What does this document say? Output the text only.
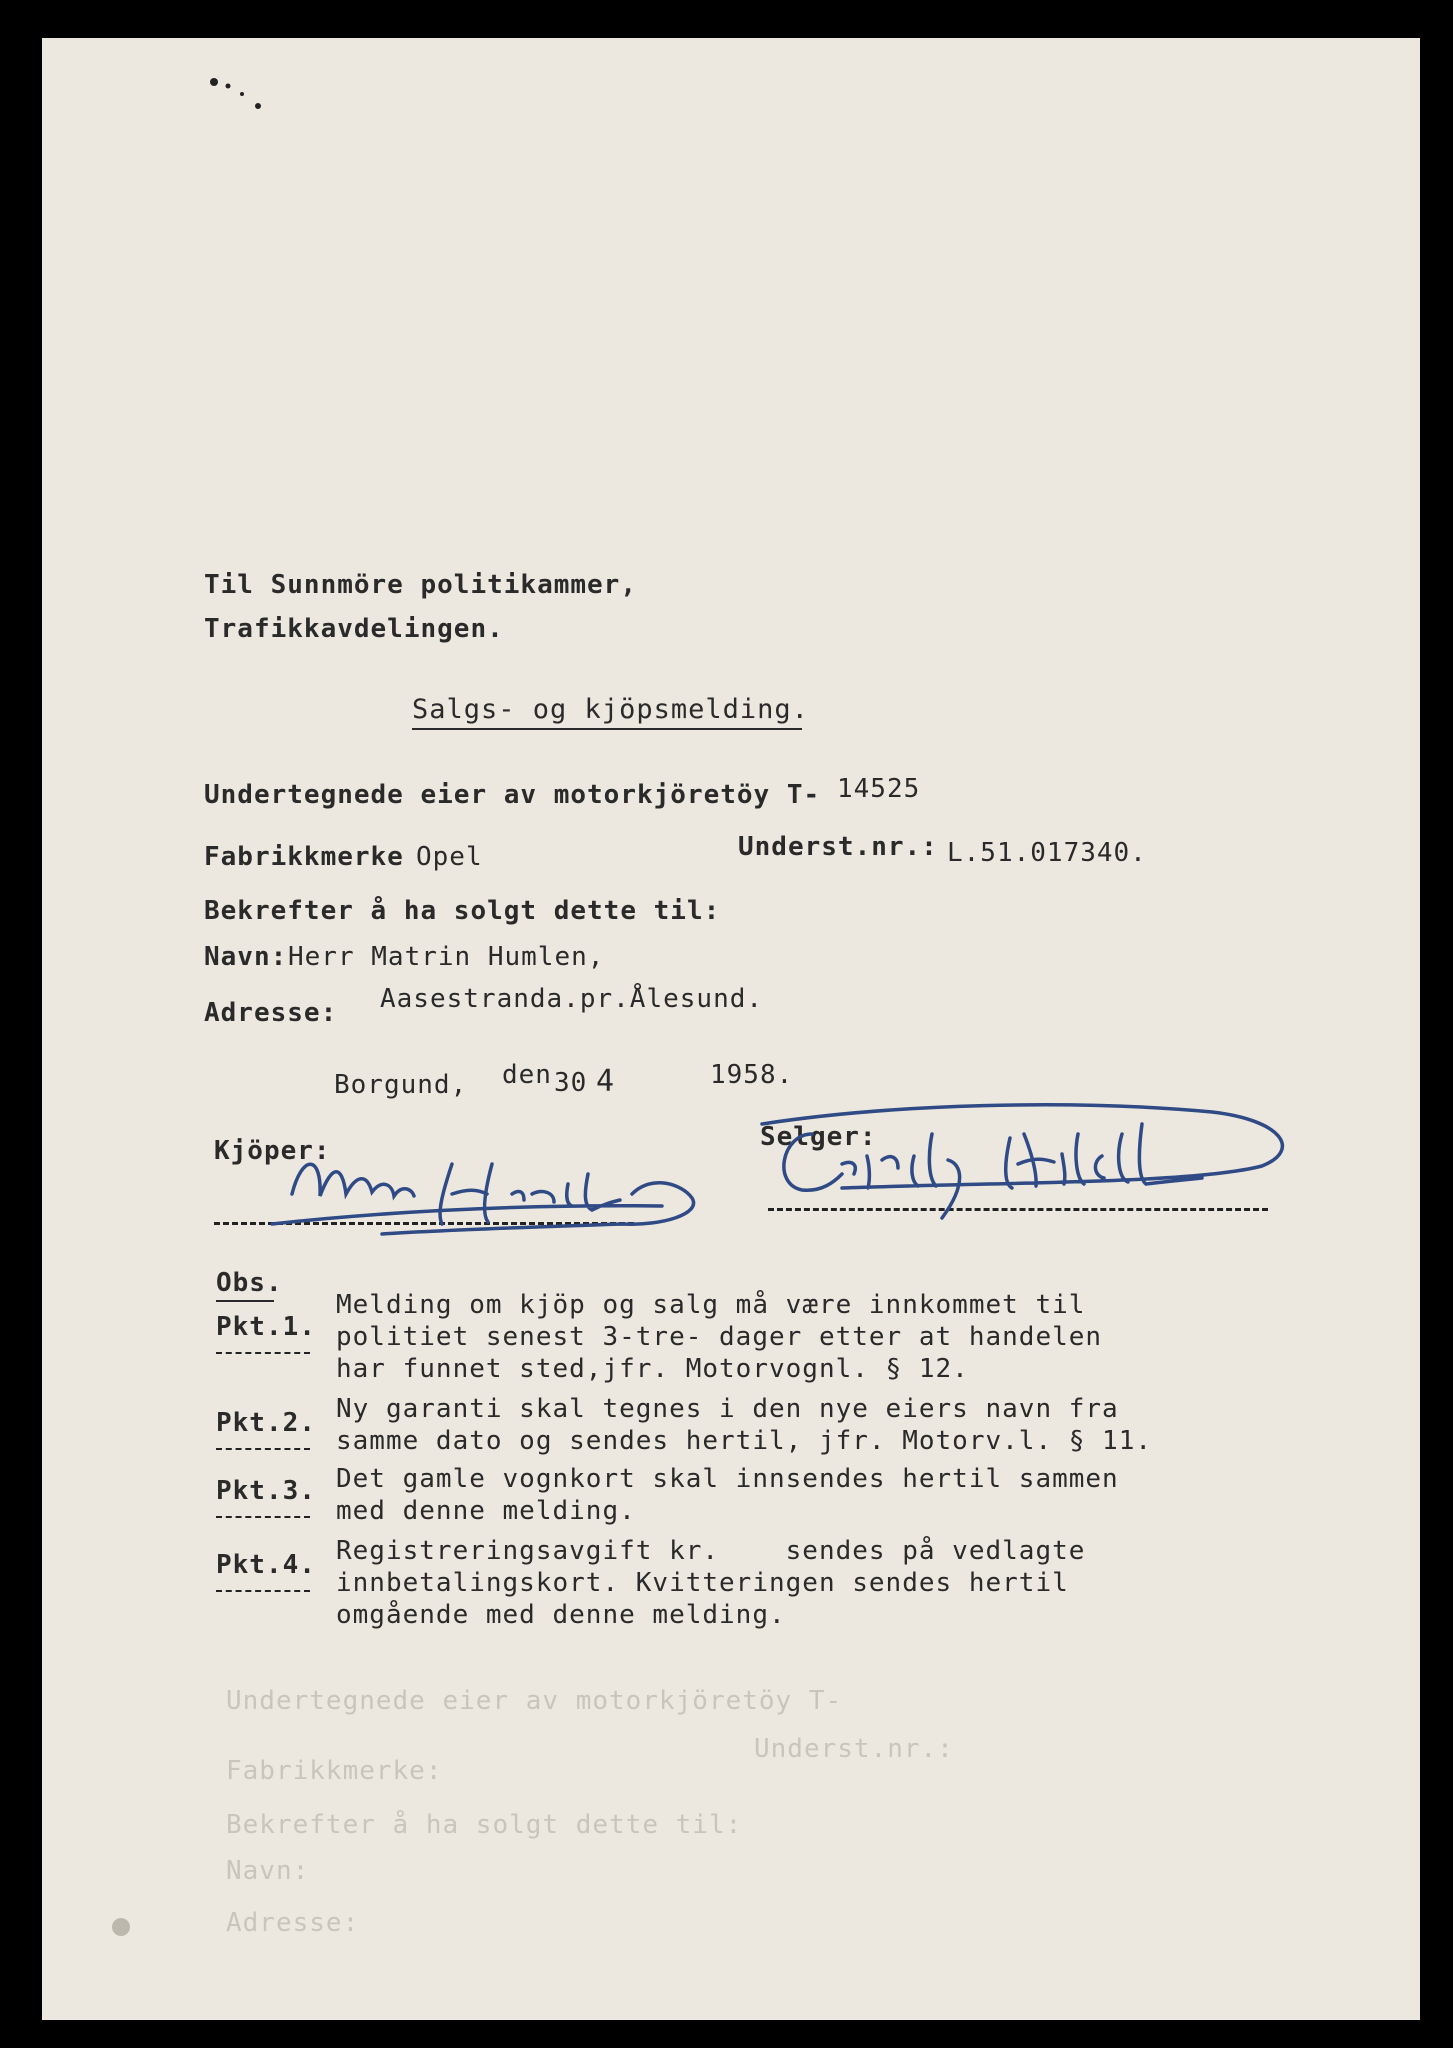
Til Sunnmöre politikammer,
Trafikkavdelingen.
Salgs- og kjöpsmelding.
Undertegnede eier av motorkjöretöy T- 14525
Fabrikkmerke Opel	Underst.nr.: L.51.017340.
Bekrefter å ha solgt dette til:
Navn: Herr Matrin Humlen,
Adresse: Aasestranda.pr.Ålesund.
Borgund, den 30 4	1958.
Kjöper:	Selger:
Obs.
Pkt.1.
Melding om kjöp og salg må være innkommet til
politiet senest 3-tre- dager etter at handelen
har funnet sted,jfr. Motorvognl. § 12.
Pkt.2. Ny garanti skal tegnes i den nye eiers navn fra
samme dato og sendes hertil, jfr. Motorv.l. § 11.
Pkt.3. Det gamle vognkort skal innsendes hertil sammen
med denne melding.
Pkt.4. Registreringsavgift kr.    sendes på vedlagte
innbetalingskort. Kvitteringen sendes hertil
omgående med denne melding.
Undertegnede eier av motorkjöretöy T-
Fabrikkmerke:
Underst.nr.:
Bekrefter å ha solgt dette til:
Navn:
Adresse:
